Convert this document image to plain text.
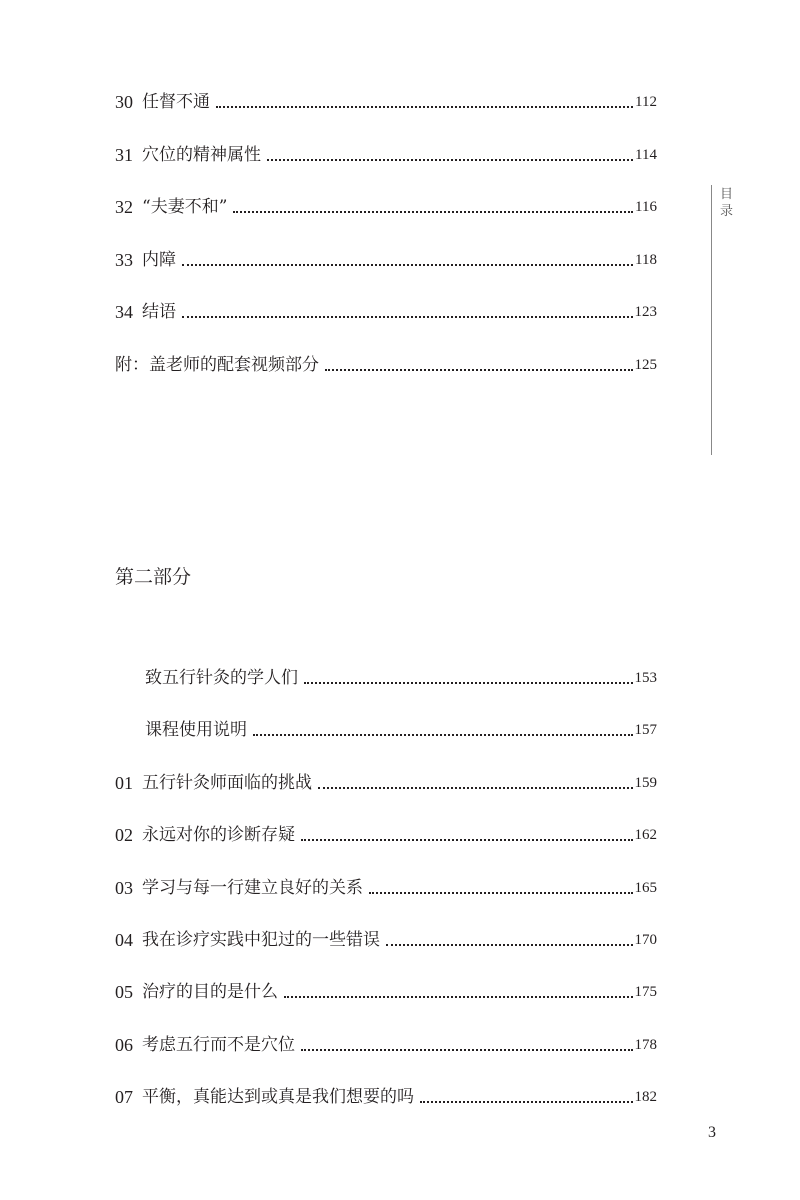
目录
30 任督不通	112
31 穴位的精神属性	114
32 “夫妻不和”	116
33 内障	118
34 结语	123
附：盖老师的配套视频部分	125
第二部分
致五行针灸的学人们	153
课程使用说明	157
01 五行针灸师面临的挑战	159
02 永远对你的诊断存疑	162
03 学习与每一行建立良好的关系	165
04 我在诊疗实践中犯过的一些错误	170
05 治疗的目的是什么	175
06 考虑五行而不是穴位	178
07 平衡，真能达到或真是我们想要的吗	182
3
